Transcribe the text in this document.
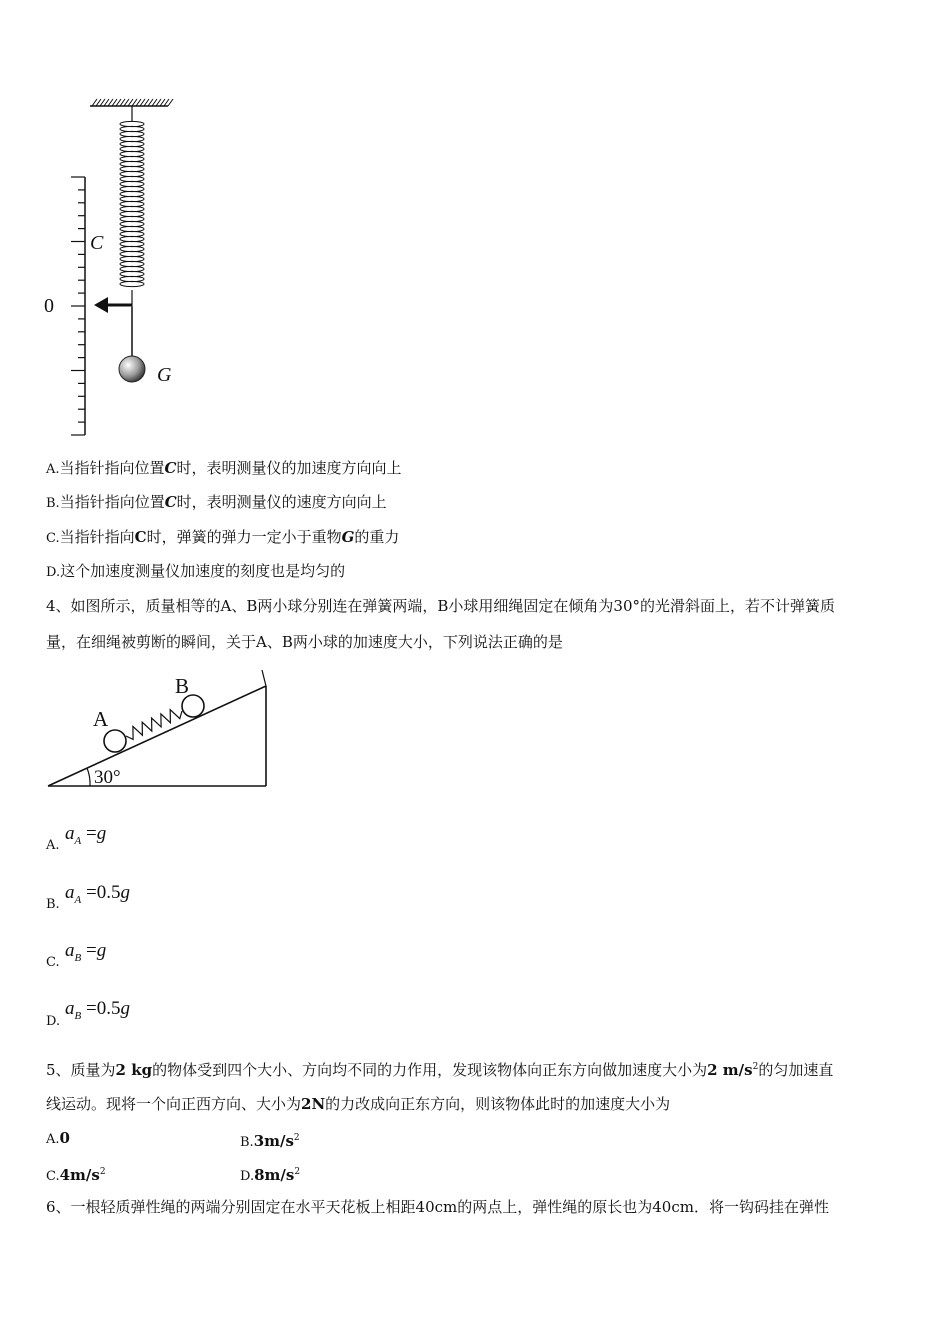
C
0
G
A.当指针指向位置C时，表明测量仪的加速度方向向上
B.当指针指向位置C时，表明测量仪的速度方向向上
C.当指针指向C时，弹簧的弹力一定小于重物G的重力
D.这个加速度测量仪加速度的刻度也是均匀的
4、如图所示，质量相等的A、B两小球分别连在弹簧两端，B小球用细绳固定在倾角为30°的光滑斜面上，若不计弹簧质
量，在细绳被剪断的瞬间，关于A、B两小球的加速度大小，下列说法正确的是
A
B
30°
A.
$a_A =g$
B.
$a_A =0.5g$
C.
$a_B =g$
D.
$a_B =0.5g$
5、质量为2 kg的物体受到四个大小、方向均不同的力作用，发现该物体向正东方向做加速度大小为2 $m/s^2$的匀加速直
线运动。现将一个向正西方向、大小为2N的力改成向正东方向，则该物体此时的加速度大小为
A.0	$B.3m/s^2$
$C.4m/s^2$	$D.8m/s^2$
6、一根轻质弹性绳的两端分别固定在水平天花板上相距40cm的两点上，弹性绳的原长也为40cm．将一钩码挂在弹性
